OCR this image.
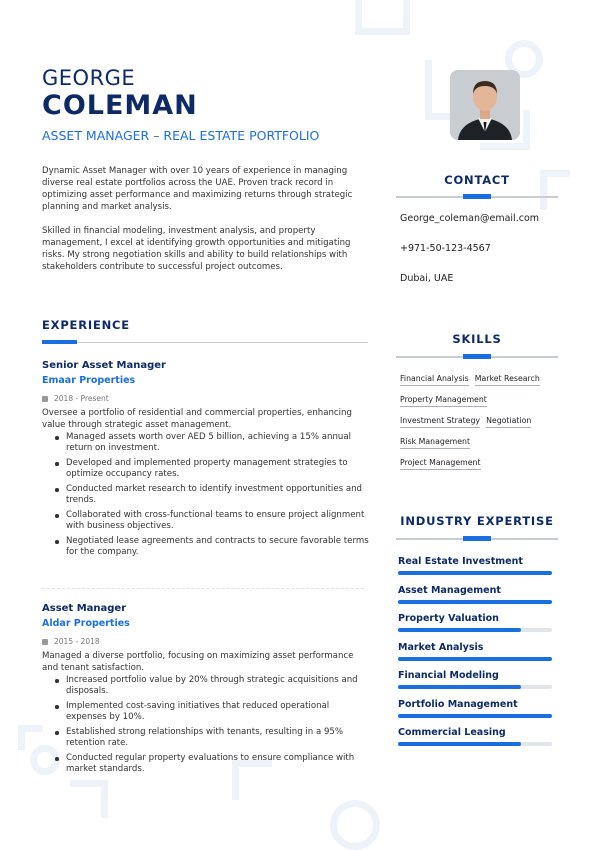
GEORGE
COLEMAN
ASSET MANAGER – REAL ESTATE PORTFOLIO

Dynamic Asset Manager with over 10 years of experience in managing diverse real estate portfolios across the UAE. Proven track record in optimizing asset performance and maximizing returns through strategic planning and market analysis.

Skilled in financial modeling, investment analysis, and property management, I excel at identifying growth opportunities and mitigating risks. My strong negotiation skills and ability to build relationships with stakeholders contribute to successful project outcomes.

EXPERIENCE
Senior Asset Manager
Emaar Properties
2018 - Present
Oversee a portfolio of residential and commercial properties, enhancing value through strategic asset management.
Managed assets worth over AED 5 billion, achieving a 15% annual return on investment.
Developed and implemented property management strategies to optimize occupancy rates.
Conducted market research to identify investment opportunities and trends.
Collaborated with cross-functional teams to ensure project alignment with business objectives.
Negotiated lease agreements and contracts to secure favorable terms for the company.
Asset Manager
Aldar Properties
2015 - 2018
Managed a diverse portfolio, focusing on maximizing asset performance and tenant satisfaction.
Increased portfolio value by 20% through strategic acquisitions and disposals.
Implemented cost-saving initiatives that reduced operational expenses by 10%.
Established strong relationships with tenants, resulting in a 95% retention rate.
Conducted regular property evaluations to ensure compliance with market standards.
CONTACT
George_coleman@email.com
+971-50-123-4567
Dubai, UAE
SKILLS
Financial Analysis Market Research
Property Management
Investment Strategy Negotiation
Risk Management
Project Management
INDUSTRY EXPERTISE
Real Estate Investment
Asset Management
Property Valuation
Market Analysis
Financial Modeling
Portfolio Management
Commercial Leasing
